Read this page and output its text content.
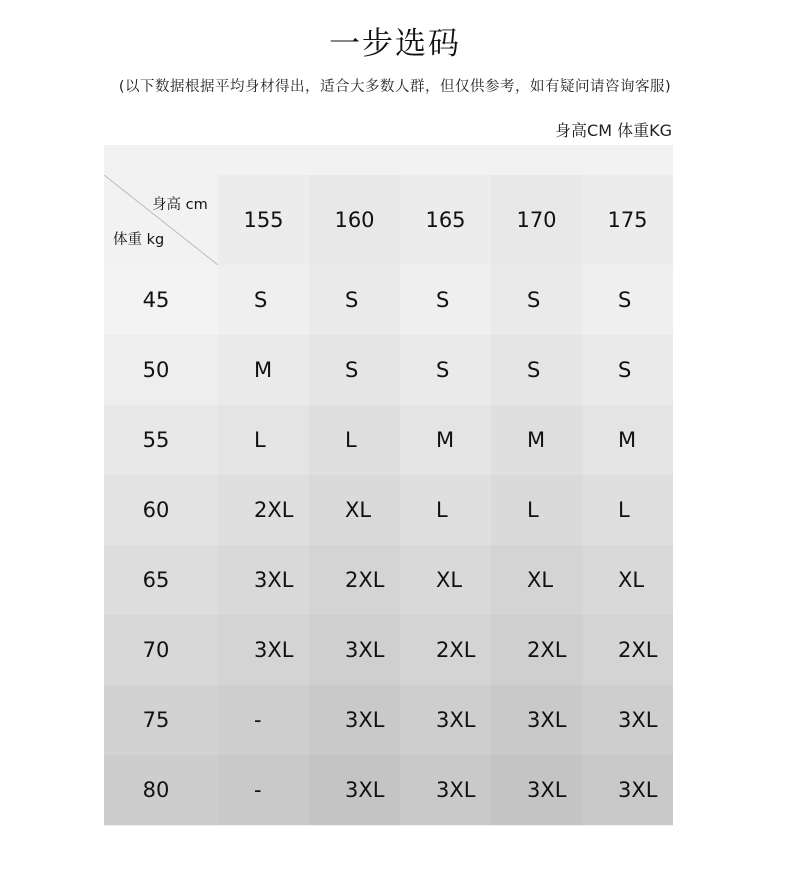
一步选码
(以下数据根据平均身材得出，适合大多数人群，但仅供参考，如有疑问请咨询客服)
身高CM 体重KG
身高 cm
体重 kg
155	160	165	170	175
45	S	S	S	S	S
50	M	S	S	S	S
55	L	L	M	M	M
60	2XL	XL	L	L	L
65	3XL	2XL	XL	XL	XL
70	3XL	3XL	2XL	2XL	2XL
75	-	3XL	3XL	3XL	3XL
80	-	3XL	3XL	3XL	3XL
